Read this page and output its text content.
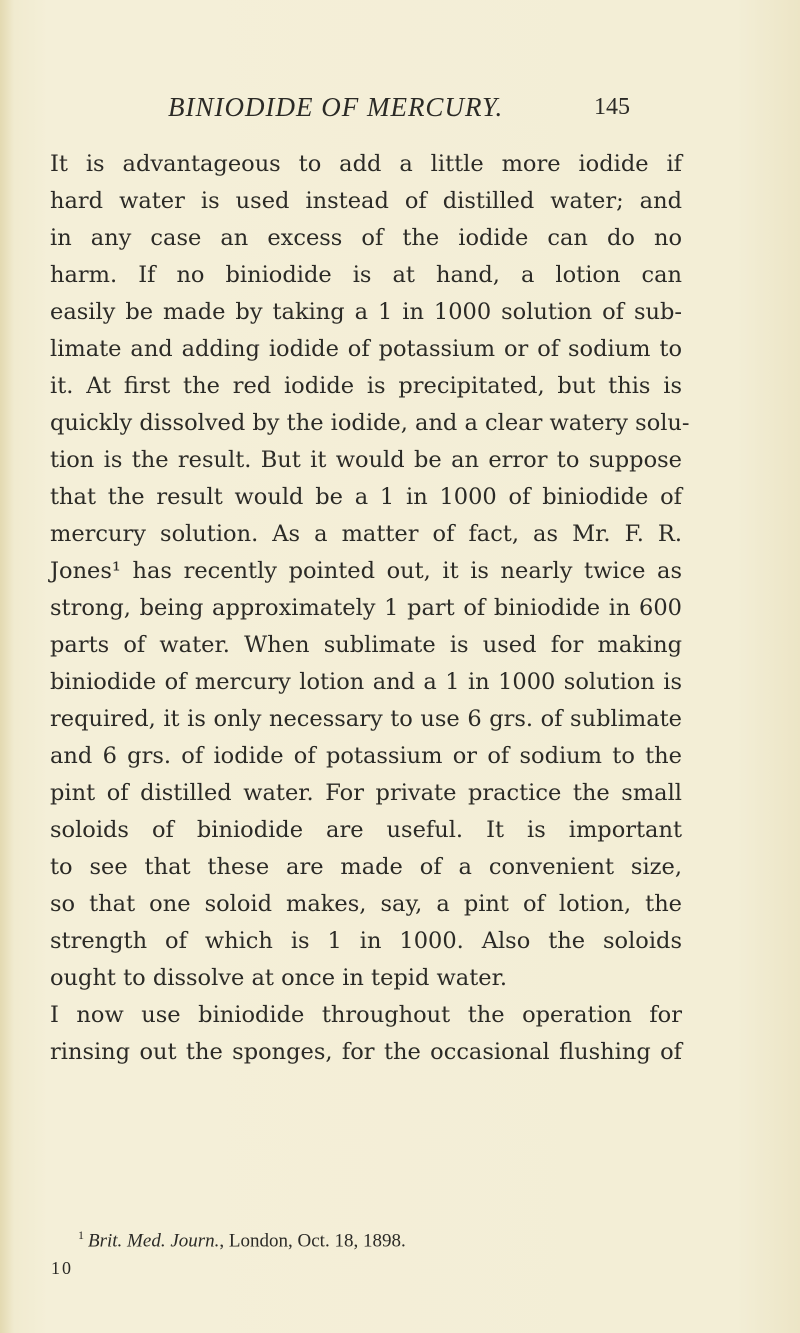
BINIODIDE OF MERCURY.	145
It is advantageous to add a little more iodide if
hard water is used instead of distilled water; and
in any case an excess of the iodide can do no
harm. If no biniodide is at hand, a lotion can
easily be made by taking a 1 in 1000 solution of sub-
limate and adding iodide of potassium or of sodium to
it. At first the red iodide is precipitated, but this is
quickly dissolved by the iodide, and a clear watery solu-
tion is the result. But it would be an error to suppose
that the result would be a 1 in 1000 of biniodide of
mercury solution. As a matter of fact, as Mr. F. R.
Jones¹ has recently pointed out, it is nearly twice as
strong, being approximately 1 part of biniodide in 600
parts of water. When sublimate is used for making
biniodide of mercury lotion and a 1 in 1000 solution is
required, it is only necessary to use 6 grs. of sublimate
and 6 grs. of iodide of potassium or of sodium to the
pint of distilled water. For private practice the small
soloids of biniodide are useful. It is important
to see that these are made of a convenient size,
so that one soloid makes, say, a pint of lotion, the
strength of which is 1 in 1000. Also the soloids
ought to dissolve at once in tepid water.
I now use biniodide throughout the operation for
rinsing out the sponges, for the occasional flushing of
$^1$ Brit. Med. Journ., London, Oct. 18, 1898.
10
